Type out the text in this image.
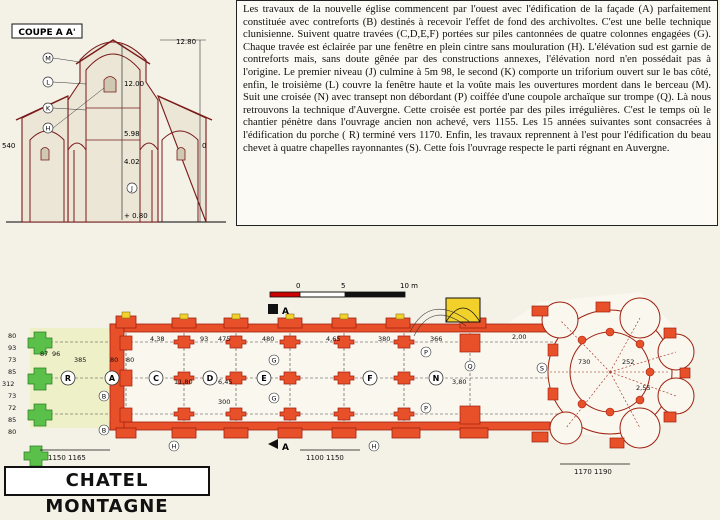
COUPE A A'
12.80
12.00
5.98
4.02
+ 0.80
540	0
M
L
K
J
H

Les travaux de la nouvelle église commencent par l'ouest avec l'édification de la façade (A) parfaitement constituée avec contreforts (B) destinés à recevoir l'effet de fond des archivoltes. C'est une belle technique clunisienne. Suivent quatre travées (C,D,E,F) portées sur piles cantonnées de quatre colonnes engagées (G). Chaque travée est éclairée par une fenêtre en plein cintre sans mouluration (H). L'élévation sud est garnie de contreforts mais, sans doute gênée par des constructions annexes, l'élévation nord n'en possédait pas à l'origine. Le premier niveau (J) culmine à 5m 98, le second (K) comporte un triforium ouvert sur le bas côté, enfin, le troisième (L) couvre la fenêtre haute et la voûte mais les ouvertures mordent dans le berceau (M). Suit une croisée (N) avec transept non débordant (P) coiffée d'une coupole archaïque sur trompe (Q). Là nous retrouvons la technique d'Auvergne. Cette croisée est portée par des piles irrégulières. C'est le temps où le chantier pénètre dans l'ouvrage ancien non achevé, vers 1155. Les 15 années suivantes sont consacrées à l'édification du porche ( R) terminé vers 1170. Enfin, les travaux reprennent à l'est pour l'édification du beau chevet à quatre chapelles rayonnantes (S). Cette fois l'ouvrage respecte le parti régnant en Auvergne.

0	5	10 m
A
A
R	A	C	D	E	F	N
B
B
G
G
H	H
P
P
Q	S
4,38	93 475	480	4,65	380	366	2,00
385	80 80	730	252
2,55
11,80	6,45
300
3,80
80
93
73
85
312
73
72
85
80
87 96
1150 1165	1100 1150
1170 1190
CHATEL MONTAGNE
